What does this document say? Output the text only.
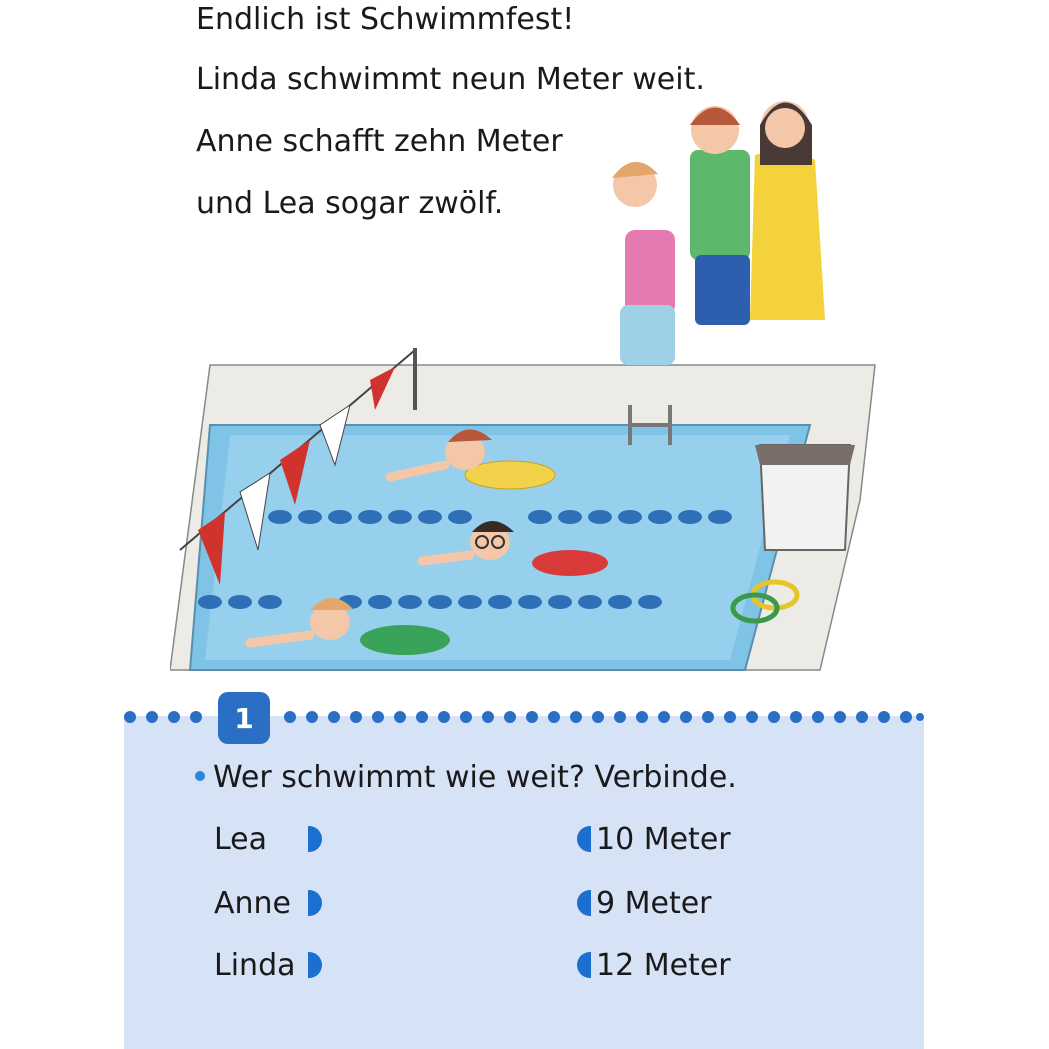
Endlich ist Schwimmfest!
Linda schwimmt neun Meter weit.
Anne schafft zehn Meter
und Lea sogar zwölf.
1
Wer schwimmt wie weit? Verbinde.
Lea
Anne
Linda
10 Meter
9 Meter
12 Meter
